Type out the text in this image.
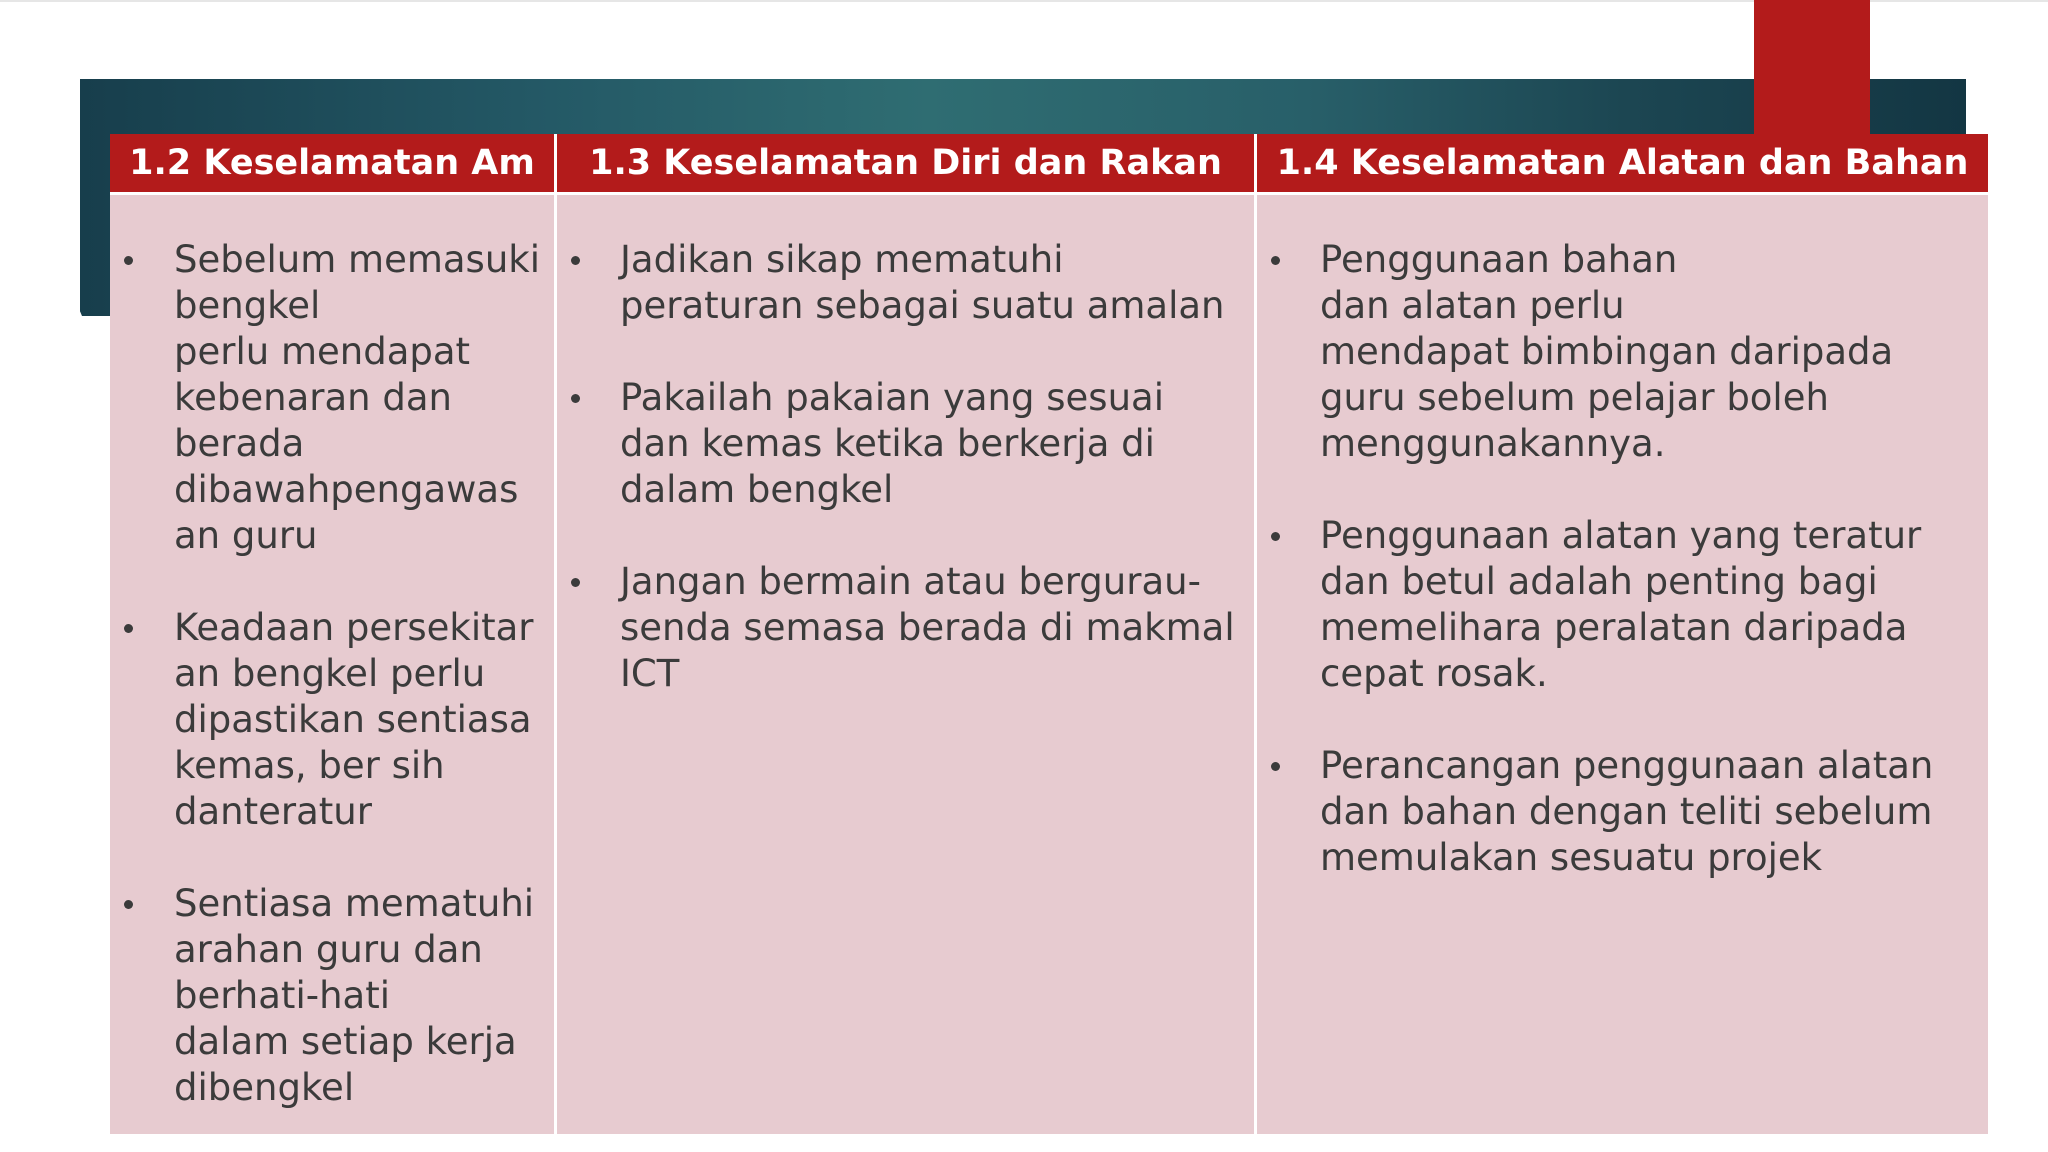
1.2 Keselamatan Am
Sebelum memasuki bengkel
perlu mendapat kebenaran dan berada dibawahpengawas an guru
Keadaan persekitar an bengkel perlu dipastikan sentiasa kemas, ber sih danteratur
Sentiasa mematuhi arahan guru dan berhati-hati
dalam setiap kerja dibengkel
1.3 Keselamatan Diri dan Rakan
Jadikan sikap mematuhi peraturan sebagai suatu amalan
Pakailah pakaian yang sesuai dan kemas ketika berkerja di dalam bengkel
Jangan bermain atau bergurau-senda semasa berada di makmal ICT
1.4 Keselamatan Alatan dan Bahan
Penggunaan bahan
dan alatan perlu
mendapat bimbingan daripada guru sebelum pelajar boleh menggunakannya.
Penggunaan alatan yang teratur dan betul adalah penting bagi memelihara peralatan daripada cepat rosak.
Perancangan penggunaan alatan dan bahan dengan teliti sebelum memulakan sesuatu projek
